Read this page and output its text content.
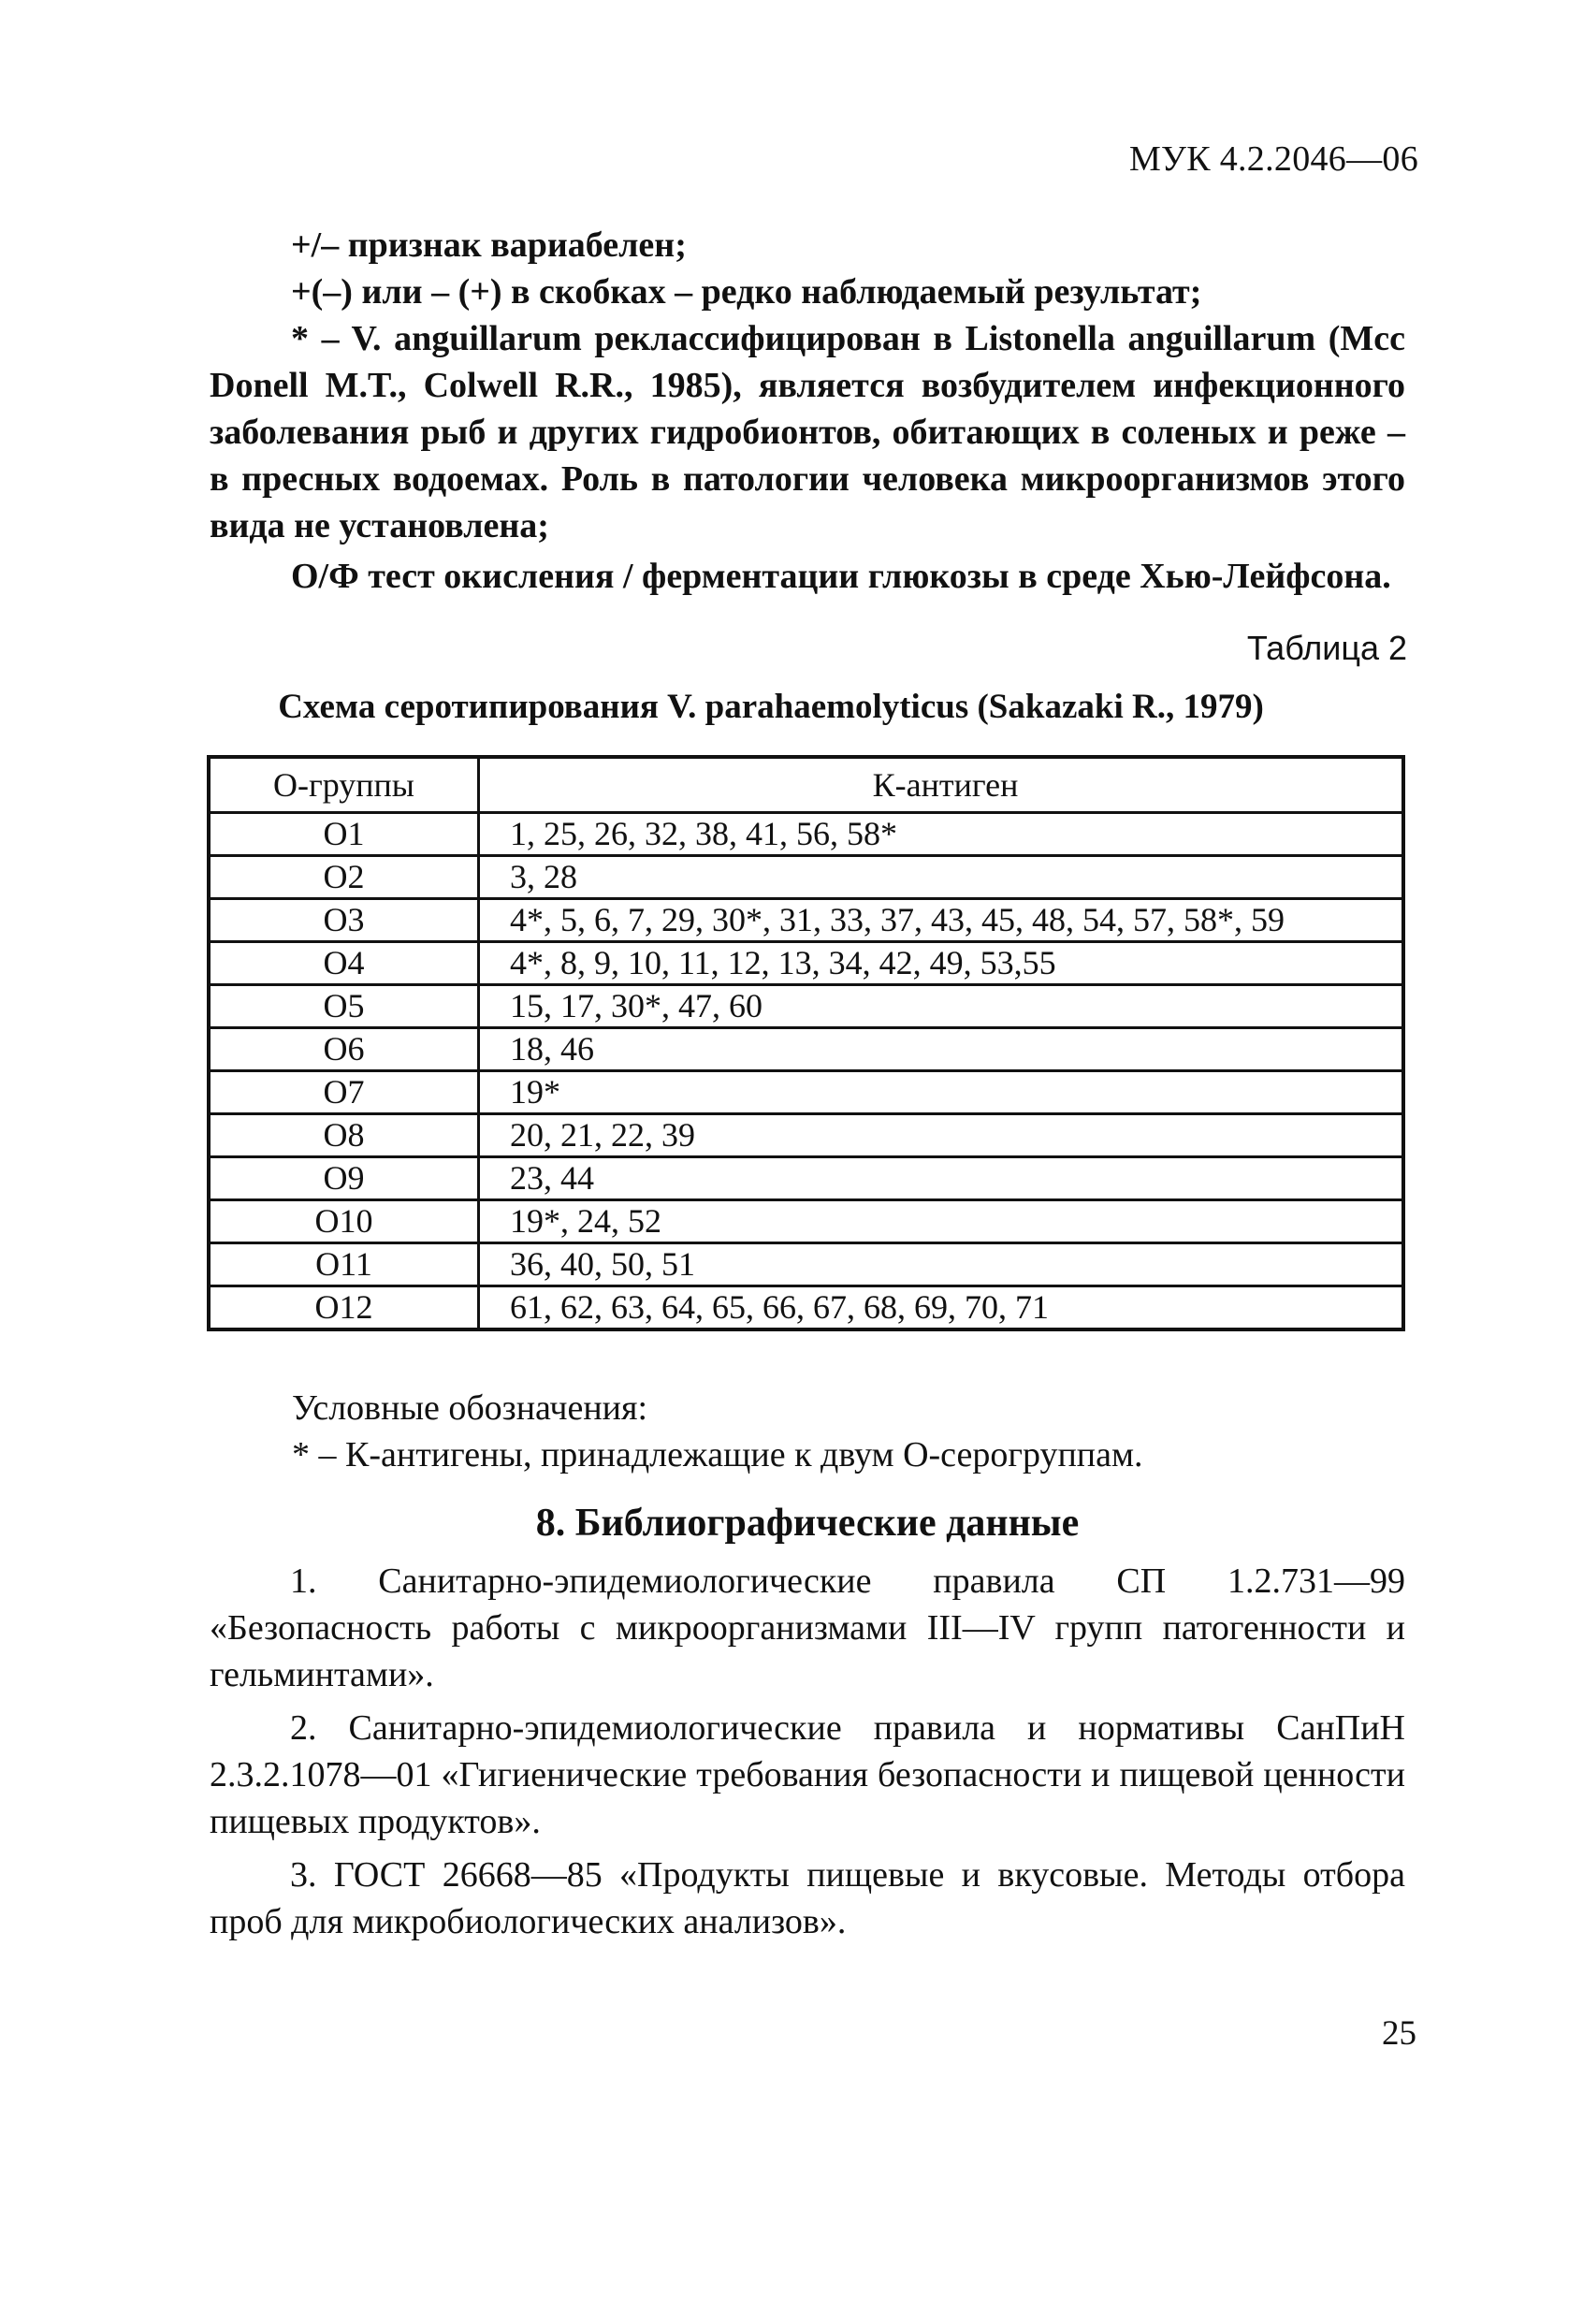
МУК 4.2.2046—06

+/– признак вариабелен;

+(–) или – (+) в скобках – редко наблюдаемый результат;

* – V. anguillarum реклассифицирован в Listonella anguillarum (Mcc Donell M.T., Colwell R.R., 1985), является возбудителем инфекционного заболевания рыб и других гидробионтов, обитающих в соленых и реже – в пресных водоемах. Роль в патологии человека микроорганизмов этого вида не установлена;

О/Ф тест окисления / ферментации глюкозы в среде Хью-Лейфсона.

Таблица 2
Схема серотипирования V. parahaemolyticus (Sakazaki R., 1979)
О-группы	К-антиген
О1	1, 25, 26, 32, 38, 41, 56, 58*
О2	3, 28
О3	4*, 5, 6, 7, 29, 30*, 31, 33, 37, 43, 45, 48, 54, 57, 58*, 59
О4	4*, 8, 9, 10, 11, 12, 13, 34, 42, 49, 53,55
О5	15, 17, 30*, 47, 60
О6	18, 46
О7	19*
О8	20, 21, 22, 39
О9	23, 44
О10	19*, 24, 52
О11	36, 40, 50, 51
О12	61, 62, 63, 64, 65, 66, 67, 68, 69, 70, 71

Условные обозначения:

* – К-антигены, принадлежащие к двум О-серогруппам.

8. Библиографические данные

1. Санитарно-эпидемиологические правила СП 1.2.731—99 «Безопасность работы с микроорганизмами III—IV групп патогенности и гельминтами».

2. Санитарно-эпидемиологические правила и нормативы СанПиН 2.3.2.1078—01 «Гигиенические требования безопасности и пищевой ценности пищевых продуктов».

3. ГОСТ 26668—85 «Продукты пищевые и вкусовые. Методы отбора проб для микробиологических анализов».

25
